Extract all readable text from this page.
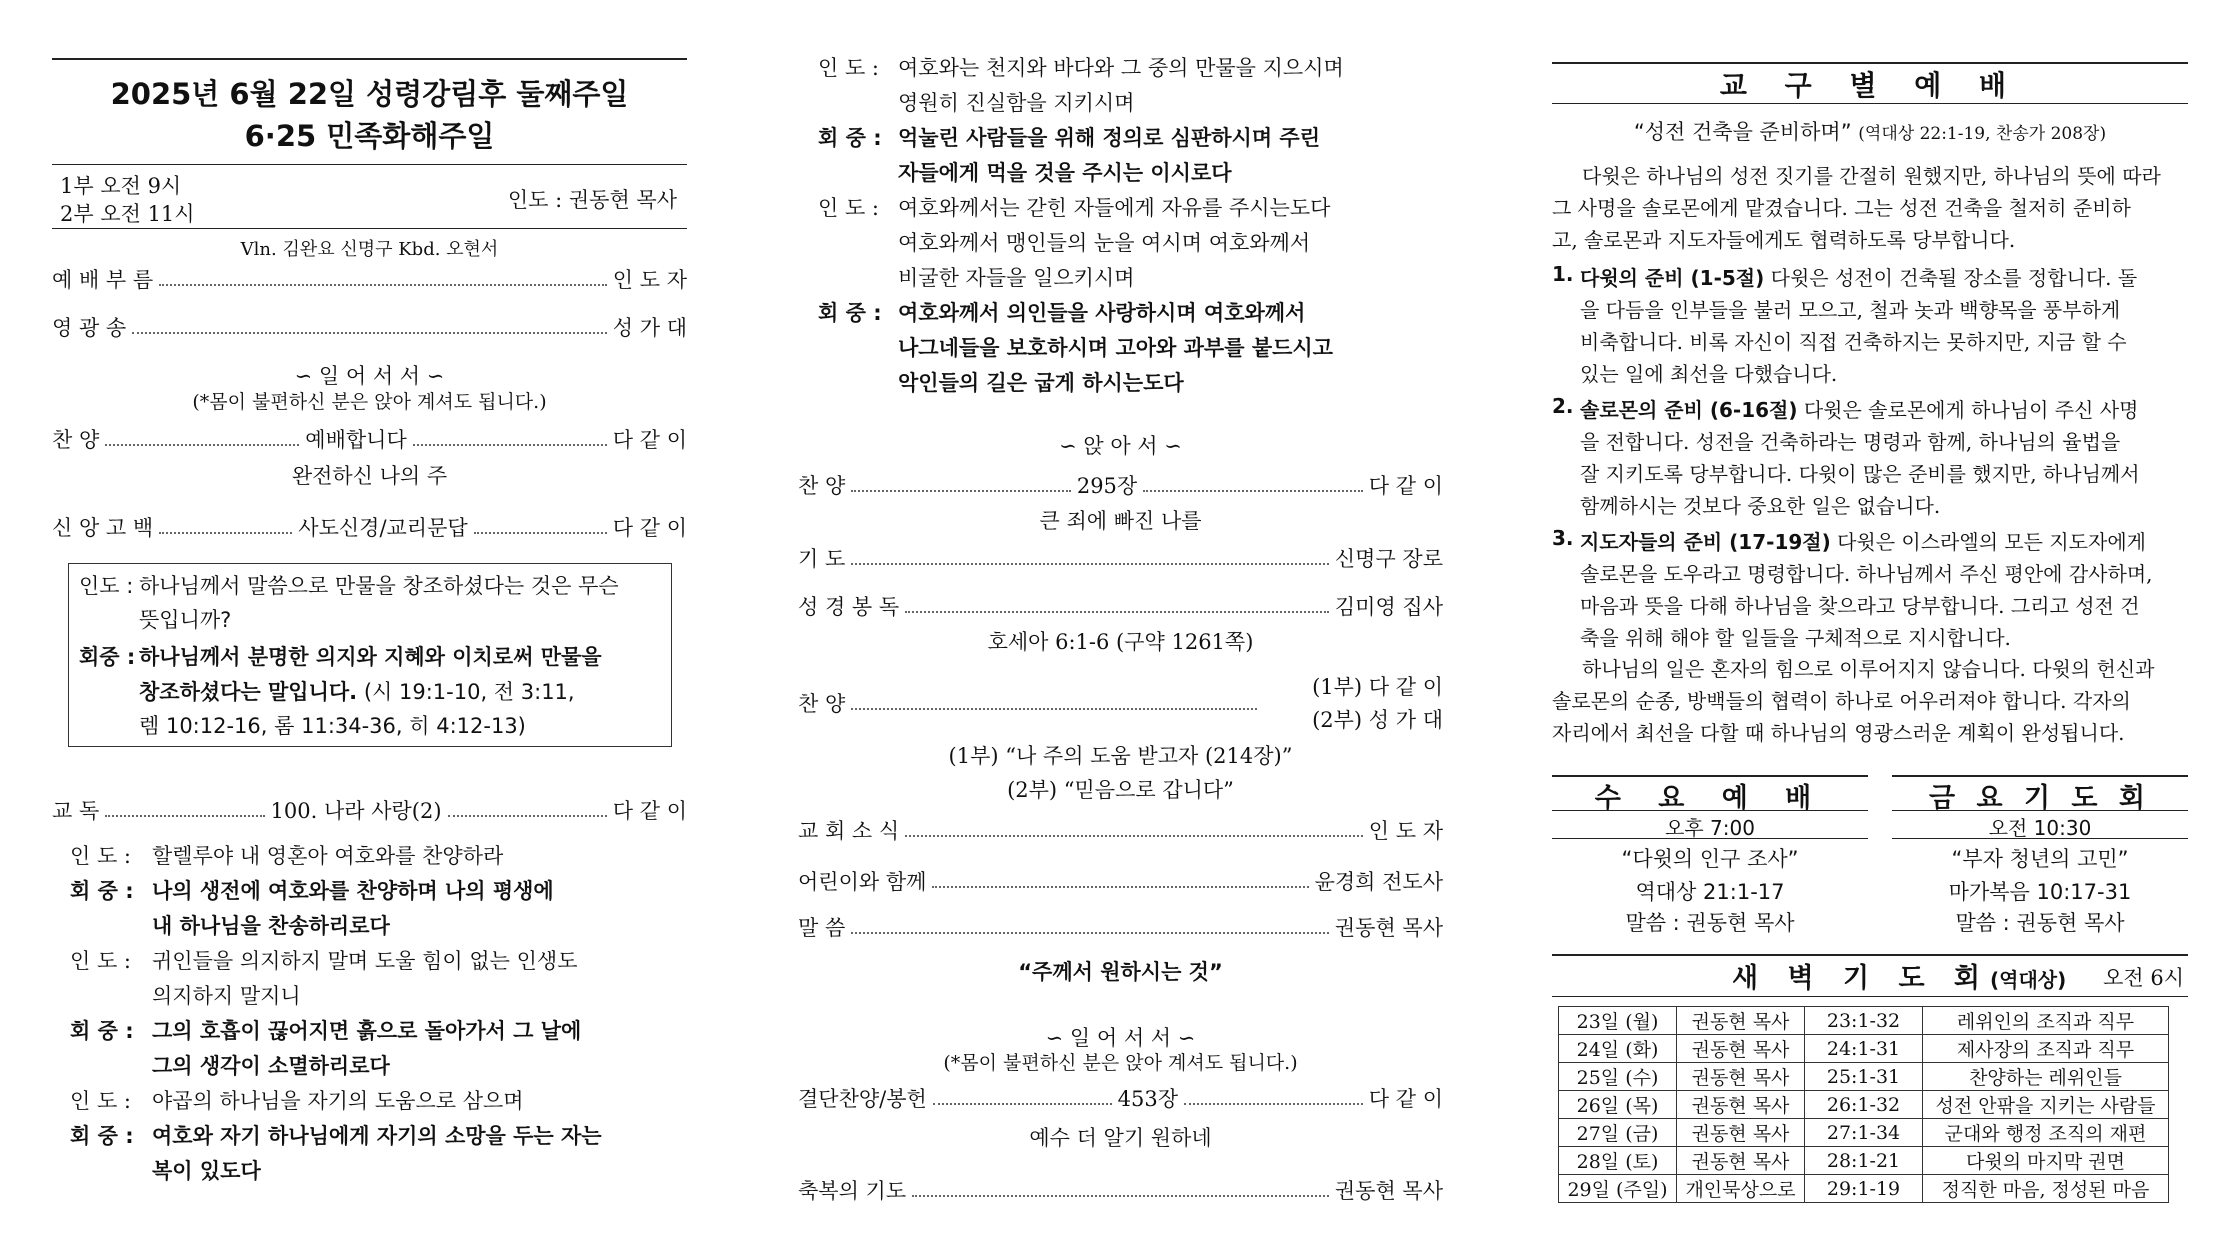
2025년 6월 22일 성령강림후 둘째주일
6·25 민족화해주일
1부 오전 9시
2부 오전 11시
인도 : 권동현 목사
Vln. 김완요 신명구 Kbd. 오현서
예 배 부 름	인 도 자
영 광 송	성 가 대
∽ 일 어 서 서 ∽
(*몸이 불편하신 분은 앉아 계셔도 됩니다.)
찬 양	예배합니다	다 같 이
완전하신 나의 주
신 앙 고 백	사도신경/교리문답	다 같 이
인도 : 하나님께서 말씀으로 만물을 창조하셨다는 것은 무슨
뜻입니까?
회중 : 하나님께서 분명한 의지와 지혜와 이치로써 만물을
창조하셨다는 말입니다. (시 19:1-10, 전 3:11,
렘 10:12-16, 롬 11:34-36, 히 4:12-13)
교 독	100. 나라 사랑(2)	다 같 이
인 도 : 할렐루야 내 영혼아 여호와를 찬양하라
회 중 : 나의 생전에 여호와를 찬양하며 나의 평생에
내 하나님을 찬송하리로다
인 도 : 귀인들을 의지하지 말며 도울 힘이 없는 인생도
의지하지 말지니
회 중 : 그의 호흡이 끊어지면 흙으로 돌아가서 그 날에
그의 생각이 소멸하리로다
인 도 : 야곱의 하나님을 자기의 도움으로 삼으며
회 중 : 여호와 자기 하나님에게 자기의 소망을 두는 자는
복이 있도다
인 도 : 여호와는 천지와 바다와 그 중의 만물을 지으시며
영원히 진실함을 지키시며
회 중 : 억눌린 사람들을 위해 정의로 심판하시며 주린
자들에게 먹을 것을 주시는 이시로다
인 도 : 여호와께서는 갇힌 자들에게 자유를 주시는도다
여호와께서 맹인들의 눈을 여시며 여호와께서
비굴한 자들을 일으키시며
회 중 : 여호와께서 의인들을 사랑하시며 여호와께서
나그네들을 보호하시며 고아와 과부를 붙드시고
악인들의 길은 굽게 하시는도다
∽ 앉 아 서 ∽
찬 양	295장	다 같 이
큰 죄에 빠진 나를
기 도	신명구 장로
성 경 봉 독	김미영 집사
호세아 6:1-6 (구약 1261쪽)
찬 양
(1부) 다 같 이
(2부) 성 가 대
(1부) “나 주의 도움 받고자 (214장)”
(2부) “믿음으로 갑니다”
교 회 소 식	인 도 자
어린이와 함께	윤경희 전도사
말 씀	권동현 목사
“주께서 원하시는 것”
∽ 일 어 서 서 ∽
(*몸이 불편하신 분은 앉아 계셔도 됩니다.)
결단찬양/봉헌	453장	다 같 이
예수 더 알기 원하네
축복의 기도	권동현 목사
교 구 별 예 배
“성전 건축을 준비하며” (역대상 22:1-19, 찬송가 208장)
다윗은 하나님의 성전 짓기를 간절히 원했지만, 하나님의 뜻에 따라
그 사명을 솔로몬에게 맡겼습니다. 그는 성전 건축을 철저히 준비하
고, 솔로몬과 지도자들에게도 협력하도록 당부합니다.
1. 다윗의 준비 (1-5절) 다윗은 성전이 건축될 장소를 정합니다. 돌
을 다듬을 인부들을 불러 모으고, 철과 놋과 백향목을 풍부하게
비축합니다. 비록 자신이 직접 건축하지는 못하지만, 지금 할 수
있는 일에 최선을 다했습니다.
2. 솔로몬의 준비 (6-16절) 다윗은 솔로몬에게 하나님이 주신 사명
을 전합니다. 성전을 건축하라는 명령과 함께, 하나님의 율법을
잘 지키도록 당부합니다. 다윗이 많은 준비를 했지만, 하나님께서
함께하시는 것보다 중요한 일은 없습니다.
3. 지도자들의 준비 (17-19절) 다윗은 이스라엘의 모든 지도자에게
솔로몬을 도우라고 명령합니다. 하나님께서 주신 평안에 감사하며,
마음과 뜻을 다해 하나님을 찾으라고 당부합니다. 그리고 성전 건
축을 위해 해야 할 일들을 구체적으로 지시합니다.
하나님의 일은 혼자의 힘으로 이루어지지 않습니다. 다윗의 헌신과
솔로몬의 순종, 방백들의 협력이 하나로 어우러져야 합니다. 각자의
자리에서 최선을 다할 때 하나님의 영광스러운 계획이 완성됩니다.
수 요 예 배
오후 7:00
“다윗의 인구 조사”
역대상 21:1-17
말씀 : 권동현 목사
금 요 기 도 회
오전 10:30
“부자 청년의 고민”
마가복음 10:17-31
말씀 : 권동현 목사
새 벽 기 도 회(역대상) 오전 6시
23일 (월)	권동현 목사	23:1-32	레위인의 조직과 직무
24일 (화)	권동현 목사	24:1-31	제사장의 조직과 직무
25일 (수)	권동현 목사	25:1-31	찬양하는 레위인들
26일 (목)	권동현 목사	26:1-32	성전 안팎을 지키는 사람들
27일 (금)	권동현 목사	27:1-34	군대와 행정 조직의 재편
28일 (토)	권동현 목사	28:1-21	다윗의 마지막 권면
29일 (주일)	개인묵상으로	29:1-19	정직한 마음, 정성된 마음
